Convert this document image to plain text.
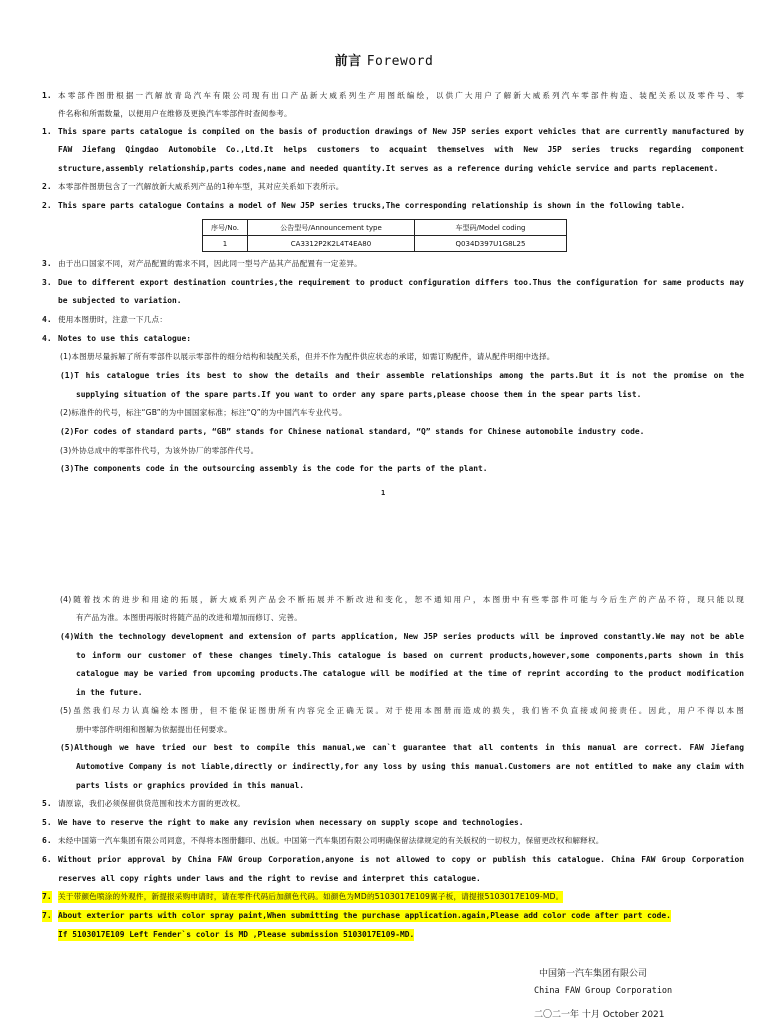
前言 Foreword
1. 本零部件图册根据一汽解放青岛汽车有限公司现有出口产品新大威系列生产用图纸编绘，以供广大用户了解新大威系列汽车零部件构造、装配关系以及零件号、零
件名称和所需数量，以便用户在维修及更换汽车零部件时查阅参考。
1. This spare parts catalogue is compiled on the basis of production drawings of New J5P series export vehicles that are currently manufactured by
FAW Jiefang Qingdao Automobile Co.,Ltd.It helps customers to acquaint themselves with New J5P series trucks regarding component
structure,assembly relationship,parts codes,name and needed quantity.It serves as a reference during vehicle service and parts replacement.
2. 本零部件图册包含了一汽解放新大威系列产品的1种车型，其对应关系如下表所示。
2. This spare parts catalogue Contains a model of New J5P series trucks,The corresponding relationship is shown in the following table.
序号/No.	公告型号/Announcement type	车型码/Model coding
1	CA3312P2K2L4T4EA80	Q034D397U1G8L25
3. 由于出口国家不同，对产品配置的需求不同，因此同一型号产品其产品配置有一定差异。
3. Due to different export destination countries,the requirement to product configuration differs too.Thus the configuration for same products may
be subjected to variation.
4. 使用本图册时，注意一下几点：
4. Notes to use this catalogue:
(1)本图册尽量拆解了所有零部件以展示零部件的细分结构和装配关系，但并不作为配件供应状态的承诺，如需订购配件，请从配件明细中选择。
(1)T his catalogue tries its best to show the details and their assemble relationships among the parts.But it is not the promise on the
supplying situation of the spare parts.If you want to order any spare parts,please choose them in the spear parts list.
(2)标准件的代号，标注“GB”的为中国国家标准；标注“Q”的为中国汽车专业代号。
(2)For codes of standard parts, “GB” stands for Chinese national standard, “Q” stands for Chinese automobile industry code.
(3)外协总成中的零部件代号，为该外协厂的零部件代号。
(3)The components code in the outsourcing assembly is the code for the parts of the plant.
1
(4)随着技术的进步和用途的拓展，新大威系列产品会不断拓展并不断改进和变化，恕不通知用户，本图册中有些零部件可能与今后生产的产品不符，现只能以现
有产品为准。本图册再版时将随产品的改进和增加而修订、完善。
(4)With the technology development and extension of parts application, New J5P series products will be improved constantly.We may not be able
to inform our customer of these changes timely.This catalogue is based on current products,however,some components,parts shown in this
catalogue may be varied from upcoming products.The catalogue will be modified at the time of reprint according to the product modification
in the future.
(5)虽然我们尽力认真编绘本图册，但不能保证图册所有内容完全正确无误。对于使用本图册而造成的损失，我们皆不负直接或间接责任。因此，用户不得以本图
册中零部件明细和图解为依据提出任何要求。
(5)Although we have tried our best to compile this manual,we can`t guarantee that all contents in this manual are correct. FAW Jiefang
Automotive Company is not liable,directly or indirectly,for any loss by using this manual.Customers are not entitled to make any claim with
parts lists or graphics provided in this manual.
5. 请原谅，我们必须保留供货范围和技术方面的更改权。
5. We have to reserve the right to make any revision when necessary on supply scope and technologies.
6. 未经中国第一汽车集团有限公司同意，不得将本图册翻印、出版。中国第一汽车集团有限公司明确保留法律规定的有关版权的一切权力，保留更改权和解释权。
6. Without prior approval by China FAW Group Corporation,anyone is not allowed to copy or publish this catalogue. China FAW Group Corporation
reserves all copy rights under laws and the right to revise and interpret this catalogue.
7. 关于带颜色喷涂的外观件，新提报采购申请时，请在零件代码后加颜色代码。如颜色为MD的5103017E109翼子板，请提报5103017E109-MD。
7. About exterior parts with color spray paint,When submitting the purchase application.again,Please add color code after part code.
If 5103017E109 Left Fender`s color is MD ,Please submission 5103017E109-MD.
中国第一汽车集团有限公司
China FAW Group Corporation
二〇二一年 十月 October 2021
